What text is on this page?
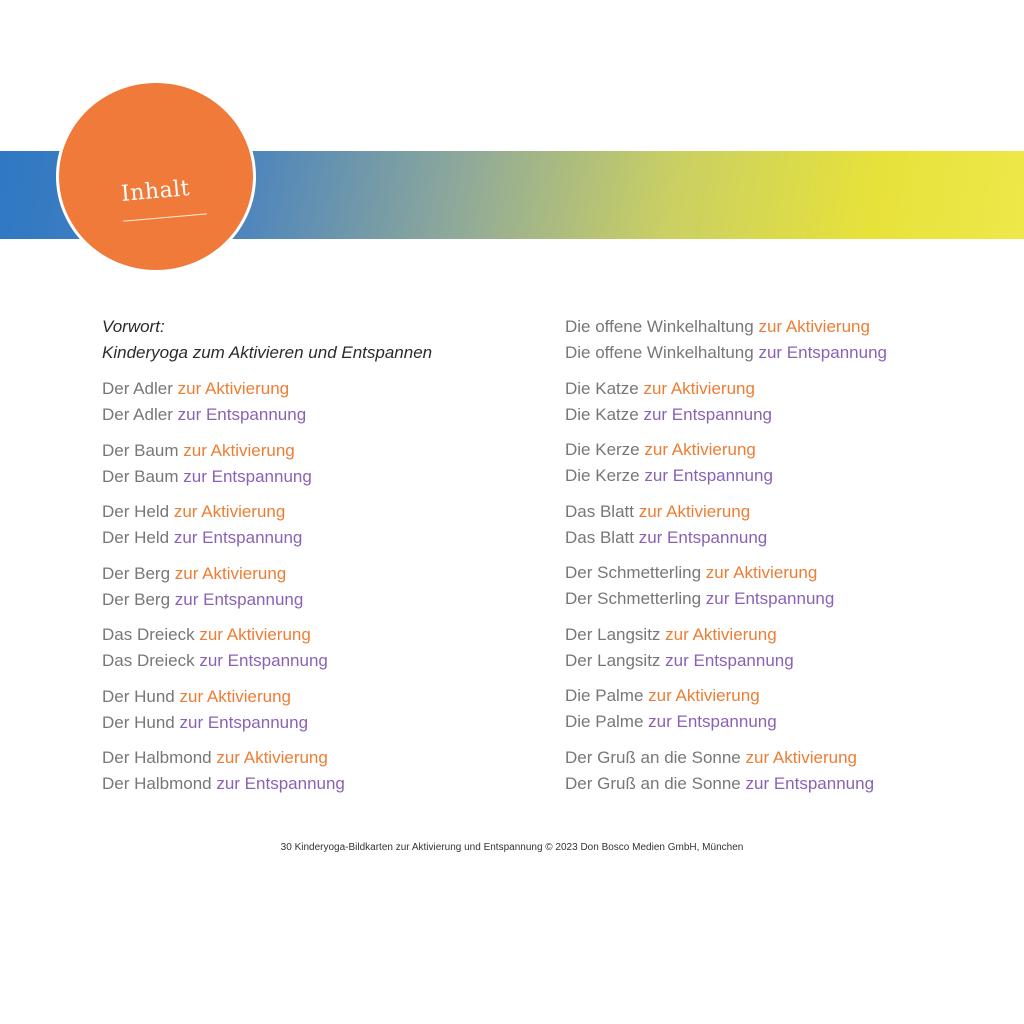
Inhalt
Vorwort:
Kinderyoga zum Aktivieren und Entspannen
Der Adler zur Aktivierung
Der Adler zur Entspannung
Der Baum zur Aktivierung
Der Baum zur Entspannung
Der Held zur Aktivierung
Der Held zur Entspannung
Der Berg zur Aktivierung
Der Berg zur Entspannung
Das Dreieck zur Aktivierung
Das Dreieck zur Entspannung
Der Hund zur Aktivierung
Der Hund zur Entspannung
Der Halbmond zur Aktivierung
Der Halbmond zur Entspannung
Die offene Winkelhaltung zur Aktivierung
Die offene Winkelhaltung zur Entspannung
Die Katze zur Aktivierung
Die Katze zur Entspannung
Die Kerze zur Aktivierung
Die Kerze zur Entspannung
Das Blatt zur Aktivierung
Das Blatt zur Entspannung
Der Schmetterling zur Aktivierung
Der Schmetterling zur Entspannung
Der Langsitz zur Aktivierung
Der Langsitz zur Entspannung
Die Palme zur Aktivierung
Die Palme zur Entspannung
Der Gruß an die Sonne zur Aktivierung
Der Gruß an die Sonne zur Entspannung
30 Kinderyoga-Bildkarten zur Aktivierung und Entspannung © 2023 Don Bosco Medien GmbH, München
